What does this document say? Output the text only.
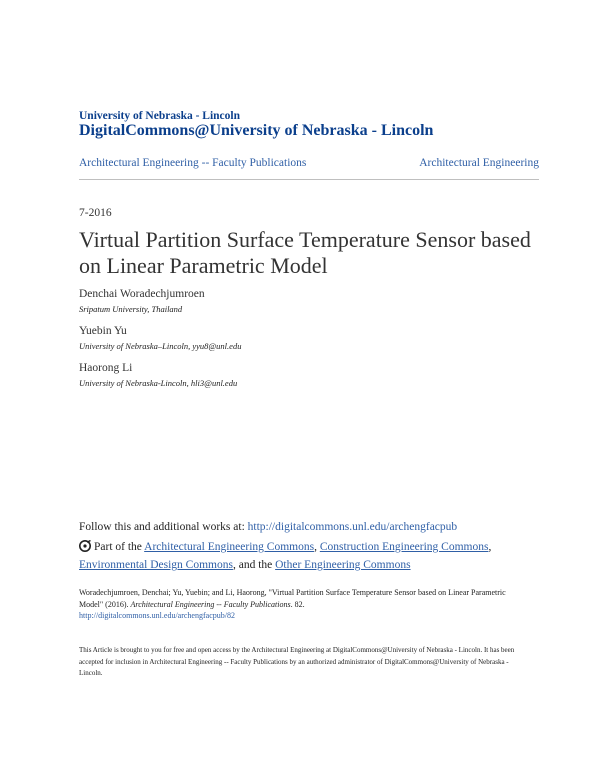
University of Nebraska - Lincoln
DigitalCommons@University of Nebraska - Lincoln
Architectural Engineering -- Faculty Publications	Architectural Engineering
7-2016
Virtual Partition Surface Temperature Sensor based on Linear Parametric Model
Denchai Woradechjumroen
Sripatum University, Thailand
Yuebin Yu
University of Nebraska–Lincoln, yyu8@unl.edu
Haorong Li
University of Nebraska-Lincoln, hli3@unl.edu
Follow this and additional works at: http://digitalcommons.unl.edu/archengfacpub
Part of the Architectural Engineering Commons, Construction Engineering Commons,
Environmental Design Commons, and the Other Engineering Commons
Woradechjumroen, Denchai; Yu, Yuebin; and Li, Haorong, "Virtual Partition Surface Temperature Sensor based on Linear Parametric Model" (2016). Architectural Engineering -- Faculty Publications. 82.
http://digitalcommons.unl.edu/archengfacpub/82
This Article is brought to you for free and open access by the Architectural Engineering at DigitalCommons@University of Nebraska - Lincoln. It has been accepted for inclusion in Architectural Engineering -- Faculty Publications by an authorized administrator of DigitalCommons@University of Nebraska - Lincoln.
